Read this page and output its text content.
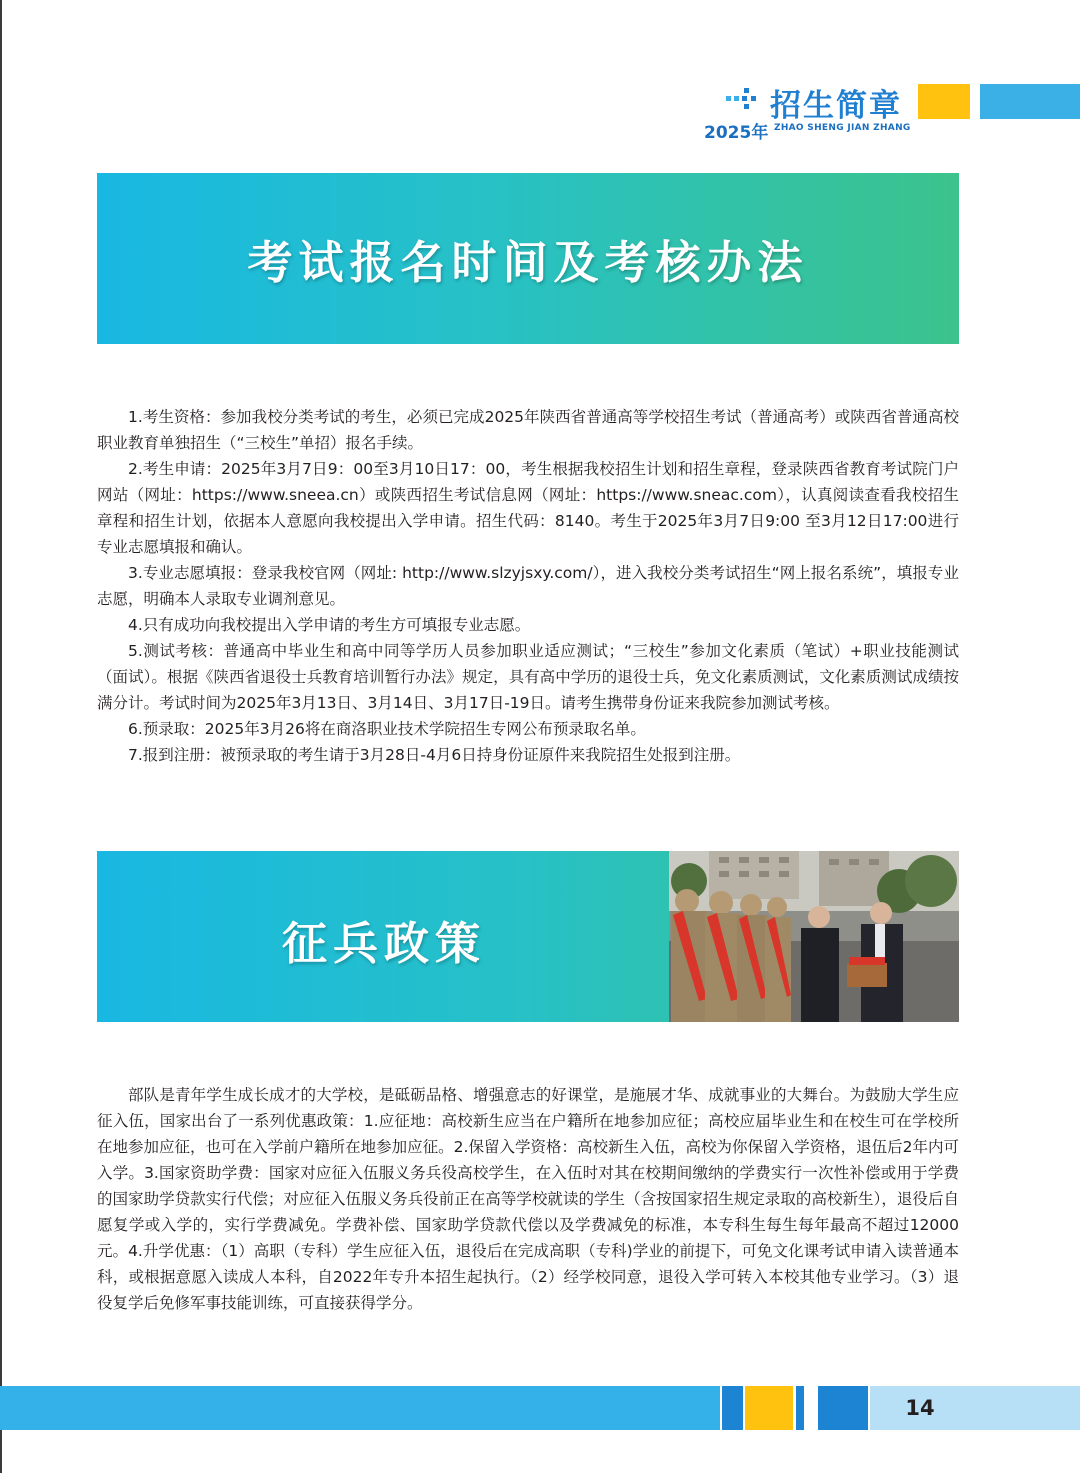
招生简章
2025年 ZHAO SHENG JIAN ZHANG
考试报名时间及考核办法

1.考生资格：参加我校分类考试的考生，必须已完成2025年陕西省普通高等学校招生考试（普通高考）或陕西省普通高校职业教育单独招生（“三校生”单招）报名手续。

2.考生申请：2025年3月7日9：00至3月10日17：00，考生根据我校招生计划和招生章程，登录陕西省教育考试院门户网站（网址：https://www.sneea.cn）或陕西招生考试信息网（网址：https://www.sneac.com），认真阅读查看我校招生章程和招生计划，依据本人意愿向我校提出入学申请。招生代码：8140。考生于2025年3月7日9:00 至3月12日17:00进行专业志愿填报和确认。

3.专业志愿填报：登录我校官网（网址: http://www.slzyjsxy.com/），进入我校分类考试招生“网上报名系统”，填报专业志愿，明确本人录取专业调剂意见。

4.只有成功向我校提出入学申请的考生方可填报专业志愿。

5.测试考核：普通高中毕业生和高中同等学历人员参加职业适应测试；“三校生”参加文化素质（笔试）+职业技能测试（面试）。根据《陕西省退役士兵教育培训暂行办法》规定，具有高中学历的退役士兵，免文化素质测试，文化素质测试成绩按满分计。考试时间为2025年3月13日、3月14日、3月17日-19日。请考生携带身份证来我院参加测试考核。

6.预录取：2025年3月26将在商洛职业技术学院招生专网公布预录取名单。

7.报到注册：被预录取的考生请于3月28日-4月6日持身份证原件来我院招生处报到注册。

征兵政策

部队是青年学生成长成才的大学校，是砥砺品格、增强意志的好课堂，是施展才华、成就事业的大舞台。为鼓励大学生应征入伍，国家出台了一系列优惠政策：1.应征地：高校新生应当在户籍所在地参加应征；高校应届毕业生和在校生可在学校所在地参加应征，也可在入学前户籍所在地参加应征。2.保留入学资格：高校新生入伍，高校为你保留入学资格，退伍后2年内可入学。3.国家资助学费：国家对应征入伍服义务兵役高校学生，在入伍时对其在校期间缴纳的学费实行一次性补偿或用于学费的国家助学贷款实行代偿；对应征入伍服义务兵役前正在高等学校就读的学生（含按国家招生规定录取的高校新生），退役后自愿复学或入学的，实行学费减免。学费补偿、国家助学贷款代偿以及学费减免的标准，本专科生每生每年最高不超过12000元。4.升学优惠：（1）高职（专科）学生应征入伍，退役后在完成高职（专科)学业的前提下，可免文化课考试申请入读普通本科，或根据意愿入读成人本科，自2022年专升本招生起执行。（2）经学校同意，退役入学可转入本校其他专业学习。（3）退役复学后免修军事技能训练，可直接获得学分。

14
